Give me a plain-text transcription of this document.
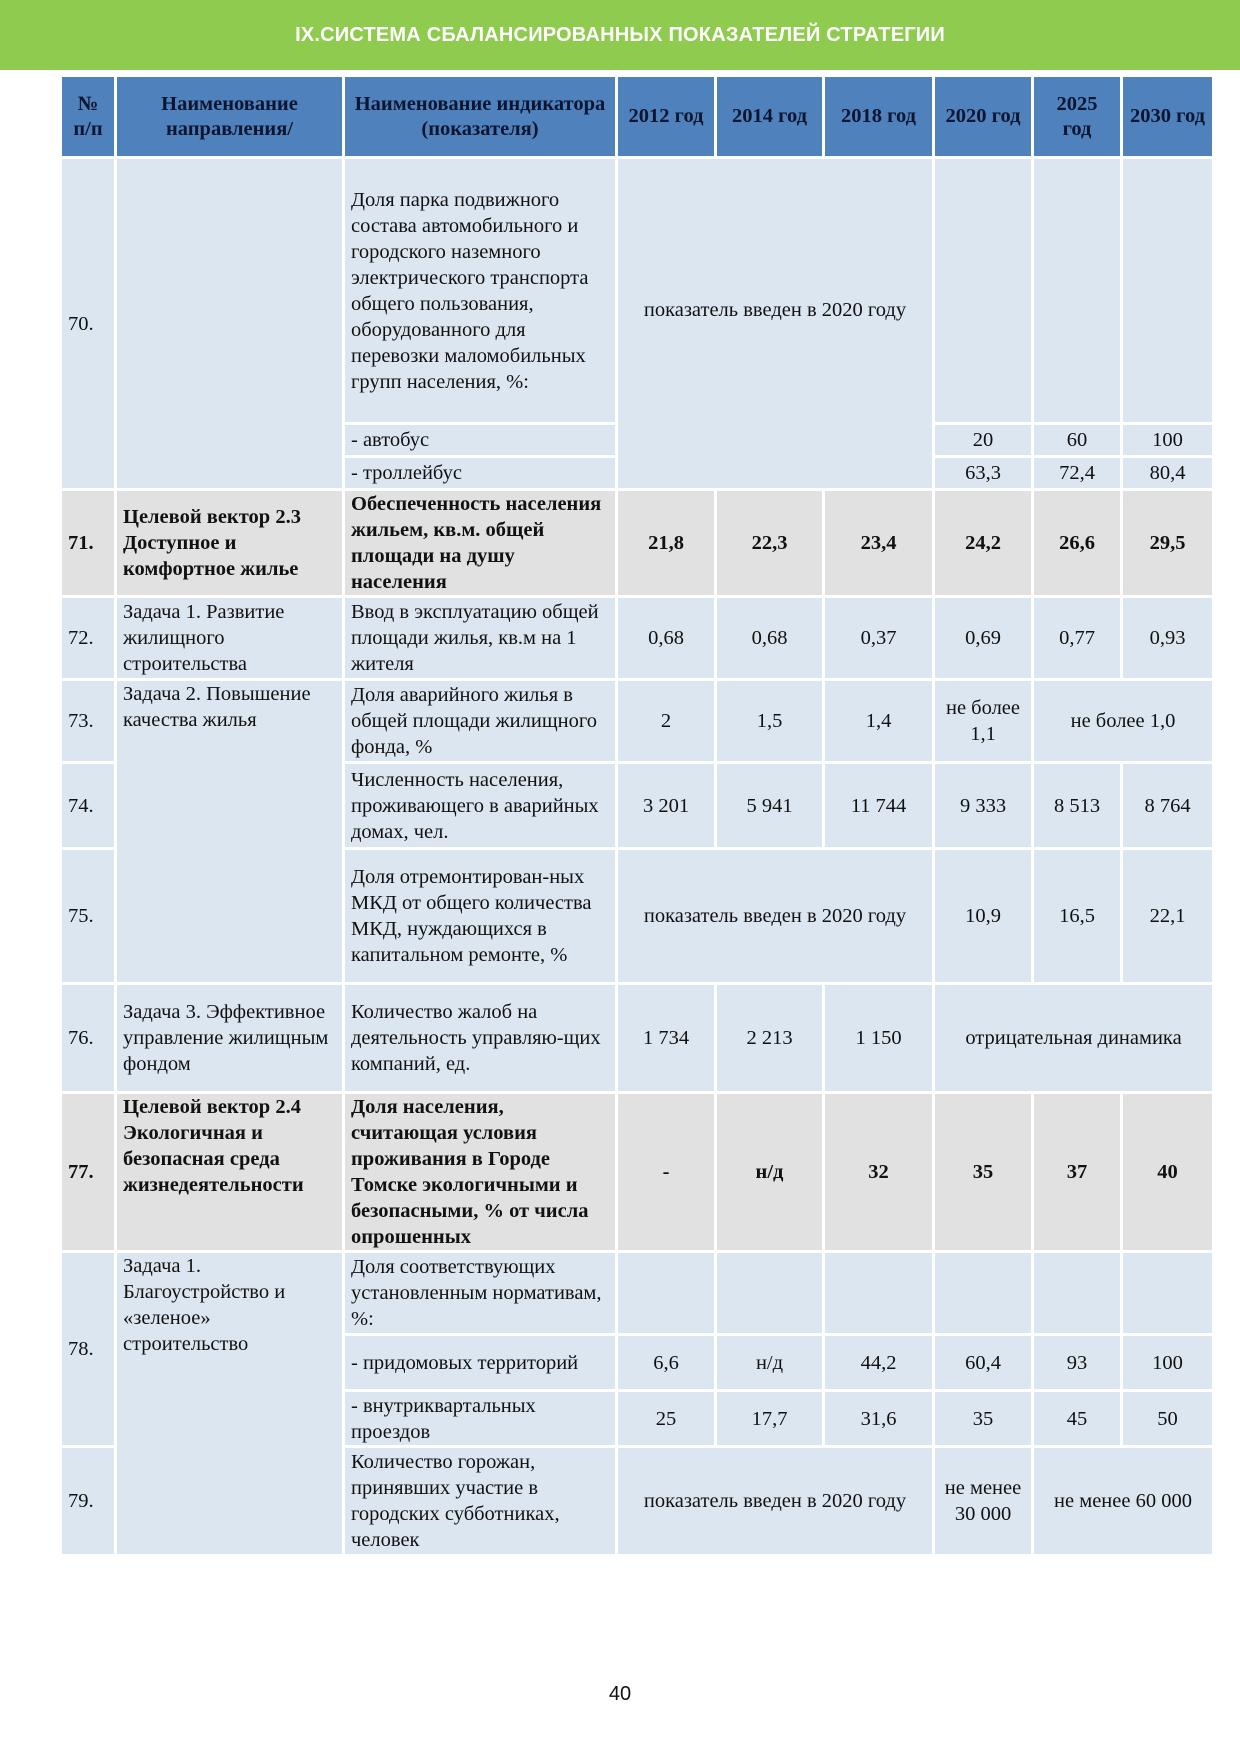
IX.СИСТЕМА СБАЛАНСИРОВАННЫХ ПОКАЗАТЕЛЕЙ СТРАТЕГИИ
№ п/п	Наименование направления/	Наименование индикатора (показателя)	2012 год	2014 год	2018 год	2020 год	2025 год	2030 год
70.		Доля парка подвижного состава автомобильного и городского наземного электрического транспорта общего пользования, оборудованного для перевозки маломобильных групп населения, %:	показатель введен в 2020 году					
		- автобус				20	60	100
		- троллейбус				63,3	72,4	80,4
71.	Целевой вектор 2.3 Доступное и комфортное жилье	Обеспеченность населения жильем, кв.м. общей площади на душу населения	21,8	22,3	23,4	24,2	26,6	29,5
72.	Задача 1. Развитие жилищного строительства	Ввод в эксплуатацию общей площади жилья, кв.м на 1 жителя	0,68	0,68	0,37	0,69	0,77	0,93
73.	Задача 2. Повышение качества жилья	Доля аварийного жилья в общей площади жилищного фонда, %	2	1,5	1,4	не более 1,1	не более 1,0	
74.		Численность населения, проживающего в аварийных домах, чел.	3 201	5 941	11 744	9 333	8 513	8 764
75.		Доля отремонтирован-ных МКД от общего количества МКД, нуждающихся в капитальном ремонте, %	показатель введен в 2020 году			10,9	16,5	22,1
76.	Задача 3. Эффективное управление жилищным фондом	Количество жалоб на деятельность управляю-щих компаний, ед.	1 734	2 213	1 150	отрицательная динамика		
77.	Целевой вектор 2.4 Экологичная и безопасная среда жизнедеятельности	Доля населения, считающая условия проживания в Городе Томске экологичными и безопасными, % от числа опрошенных	-	н/д	32	35	37	40
78.	Задача 1. Благоустройство и «зеленое» строительство	Доля соответствующих установленным нормативам, %:						
		- придомовых территорий	6,6	н/д	44,2	60,4	93	100
		- внутриквартальных проездов	25	17,7	31,6	35	45	50
79.		Количество горожан, принявших участие в городских субботниках, человек	показатель введен в 2020 году			не менее 30 000	не менее 60 000	
40
